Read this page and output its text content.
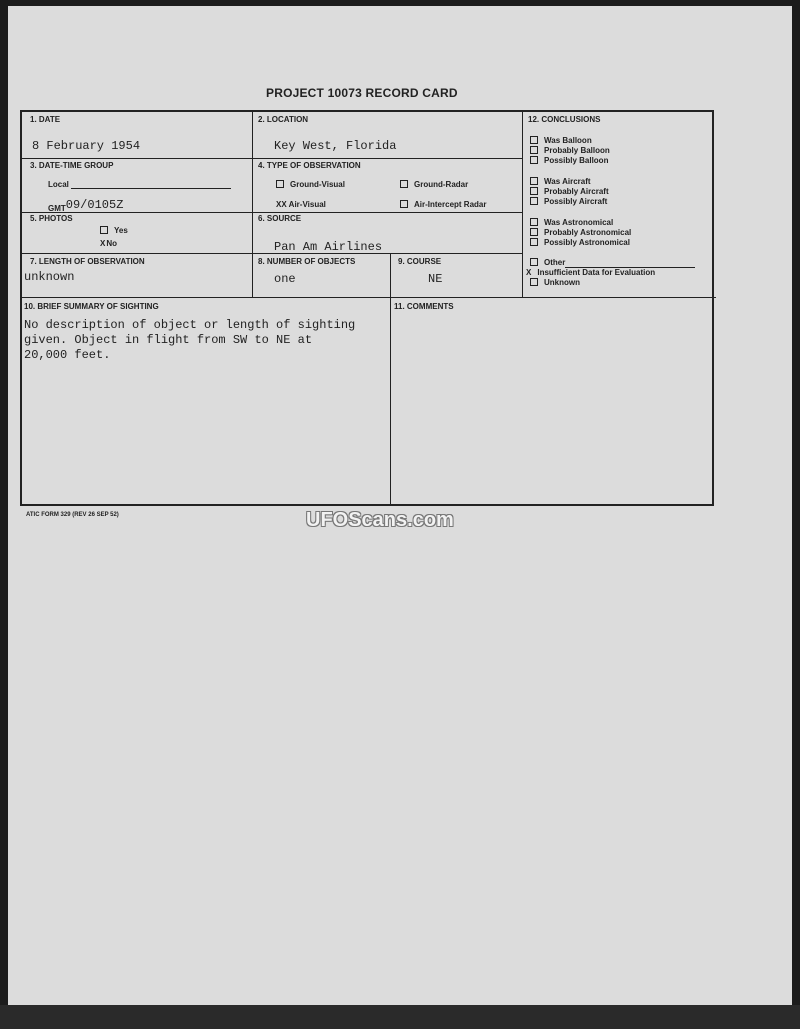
PROJECT 10073 RECORD CARD
1. DATE
8 February 1954
2. LOCATION
Key West, Florida
3. DATE-TIME GROUP
Local
GMT09/0105Z
4. TYPE OF OBSERVATION
Ground-Visual	Ground-Radar
XX Air-Visual	Air-Intercept Radar
5. PHOTOS
Yes
XNo
6. SOURCE
Pan Am Airlines
7. LENGTH OF OBSERVATION
unknown
8. NUMBER OF OBJECTS
one
9. COURSE
NE
10. BRIEF SUMMARY OF SIGHTING
No description of object or length of sighting
given. Object in flight from SW to NE at
20,000 feet.
11. COMMENTS
12. CONCLUSIONS
Was Balloon
Probably Balloon
Possibly Balloon
Was Aircraft
Probably Aircraft
Possibly Aircraft
Was Astronomical
Probably Astronomical
Possibly Astronomical
Other
X Insufficient Data for Evaluation
Unknown
ATIC FORM 329 (REV 26 SEP 52)	UFOScans.com
